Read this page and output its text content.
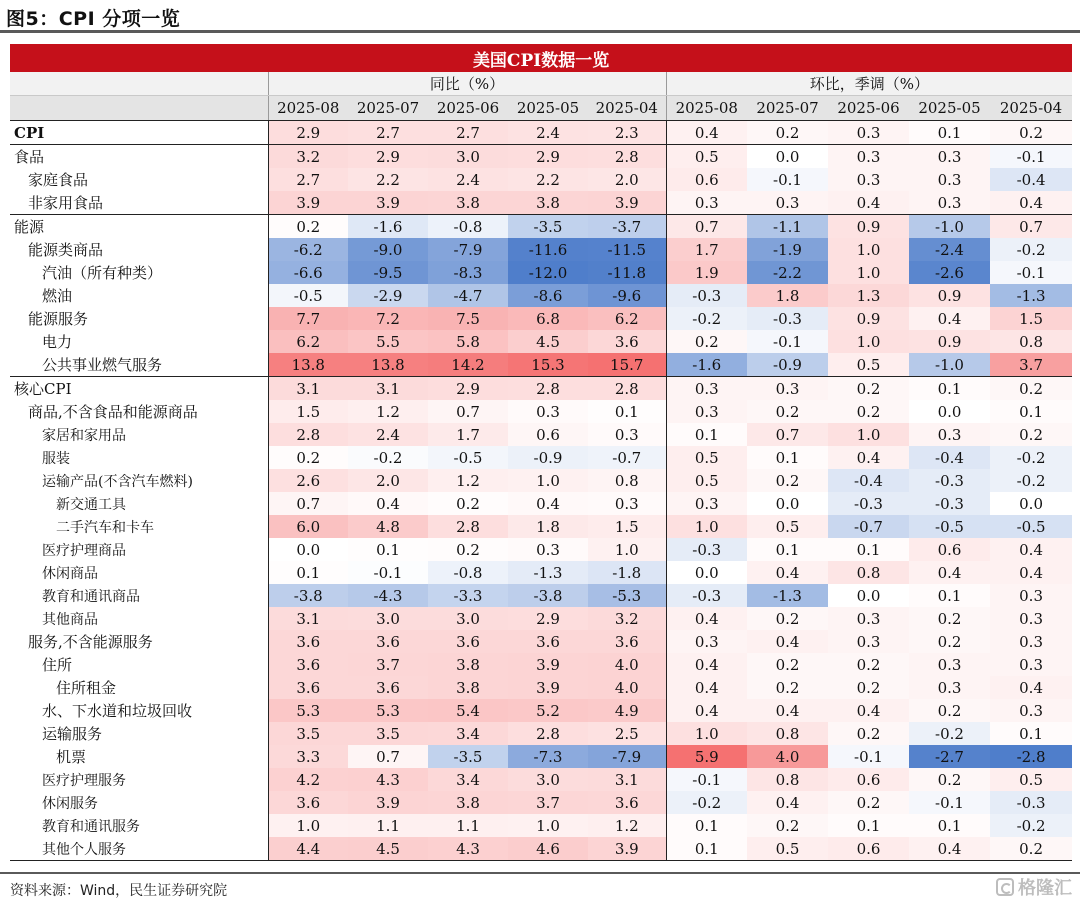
图5：CPI 分项一览
美国CPI数据一览										
	同比（%）					环比，季调（%）				
	2025-08	2025-07	2025-06	2025-05	2025-04	2025-08	2025-07	2025-06	2025-05	2025-04
CPI	2.9	2.7	2.7	2.4	2.3	0.4	0.2	0.3	0.1	0.2
食品	3.2	2.9	3.0	2.9	2.8	0.5	0.0	0.3	0.3	-0.1
家庭食品	2.7	2.2	2.4	2.2	2.0	0.6	-0.1	0.3	0.3	-0.4
非家用食品	3.9	3.9	3.8	3.8	3.9	0.3	0.3	0.4	0.3	0.4
能源	0.2	-1.6	-0.8	-3.5	-3.7	0.7	-1.1	0.9	-1.0	0.7
能源类商品	-6.2	-9.0	-7.9	-11.6	-11.5	1.7	-1.9	1.0	-2.4	-0.2
汽油（所有种类）	-6.6	-9.5	-8.3	-12.0	-11.8	1.9	-2.2	1.0	-2.6	-0.1
燃油	-0.5	-2.9	-4.7	-8.6	-9.6	-0.3	1.8	1.3	0.9	-1.3
能源服务	7.7	7.2	7.5	6.8	6.2	-0.2	-0.3	0.9	0.4	1.5
电力	6.2	5.5	5.8	4.5	3.6	0.2	-0.1	1.0	0.9	0.8
公共事业燃气服务	13.8	13.8	14.2	15.3	15.7	-1.6	-0.9	0.5	-1.0	3.7
核心CPI	3.1	3.1	2.9	2.8	2.8	0.3	0.3	0.2	0.1	0.2
商品,不含食品和能源商品	1.5	1.2	0.7	0.3	0.1	0.3	0.2	0.2	0.0	0.1
家居和家用品	2.8	2.4	1.7	0.6	0.3	0.1	0.7	1.0	0.3	0.2
服装	0.2	-0.2	-0.5	-0.9	-0.7	0.5	0.1	0.4	-0.4	-0.2
运输产品(不含汽车燃料)	2.6	2.0	1.2	1.0	0.8	0.5	0.2	-0.4	-0.3	-0.2
新交通工具	0.7	0.4	0.2	0.4	0.3	0.3	0.0	-0.3	-0.3	0.0
二手汽车和卡车	6.0	4.8	2.8	1.8	1.5	1.0	0.5	-0.7	-0.5	-0.5
医疗护理商品	0.0	0.1	0.2	0.3	1.0	-0.3	0.1	0.1	0.6	0.4
休闲商品	0.1	-0.1	-0.8	-1.3	-1.8	0.0	0.4	0.8	0.4	0.4
教育和通讯商品	-3.8	-4.3	-3.3	-3.8	-5.3	-0.3	-1.3	0.0	0.1	0.3
其他商品	3.1	3.0	3.0	2.9	3.2	0.4	0.2	0.3	0.2	0.3
服务,不含能源服务	3.6	3.6	3.6	3.6	3.6	0.3	0.4	0.3	0.2	0.3
住所	3.6	3.7	3.8	3.9	4.0	0.4	0.2	0.2	0.3	0.3
住所租金	3.6	3.6	3.8	3.9	4.0	0.4	0.2	0.2	0.3	0.4
水、下水道和垃圾回收	5.3	5.3	5.4	5.2	4.9	0.4	0.4	0.4	0.2	0.3
运输服务	3.5	3.5	3.4	2.8	2.5	1.0	0.8	0.2	-0.2	0.1
机票	3.3	0.7	-3.5	-7.3	-7.9	5.9	4.0	-0.1	-2.7	-2.8
医疗护理服务	4.2	4.3	3.4	3.0	3.1	-0.1	0.8	0.6	0.2	0.5
休闲服务	3.6	3.9	3.8	3.7	3.6	-0.2	0.4	0.2	-0.1	-0.3
教育和通讯服务	1.0	1.1	1.1	1.0	1.2	0.1	0.2	0.1	0.1	-0.2
其他个人服务	4.4	4.5	4.3	4.6	3.9	0.1	0.5	0.6	0.4	0.2
资料来源：Wind，民生证券研究院	格隆汇
